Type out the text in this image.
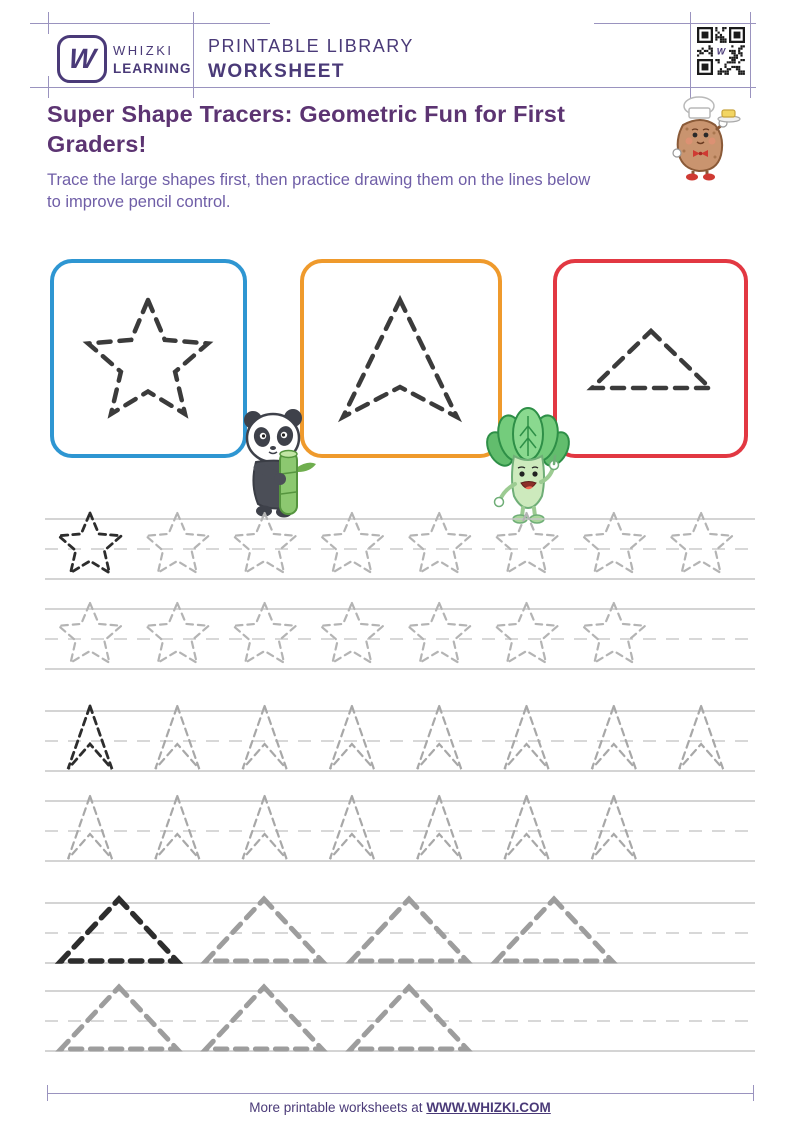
W WHIZKI
LEARNING
PRINTABLE LIBRARY
WORKSHEET
W
Super Shape Tracers: Geometric Fun for First Graders!
Trace the large shapes first, then practice drawing them on the lines below to improve pencil control.
More printable worksheets at WWW.WHIZKI.COM
